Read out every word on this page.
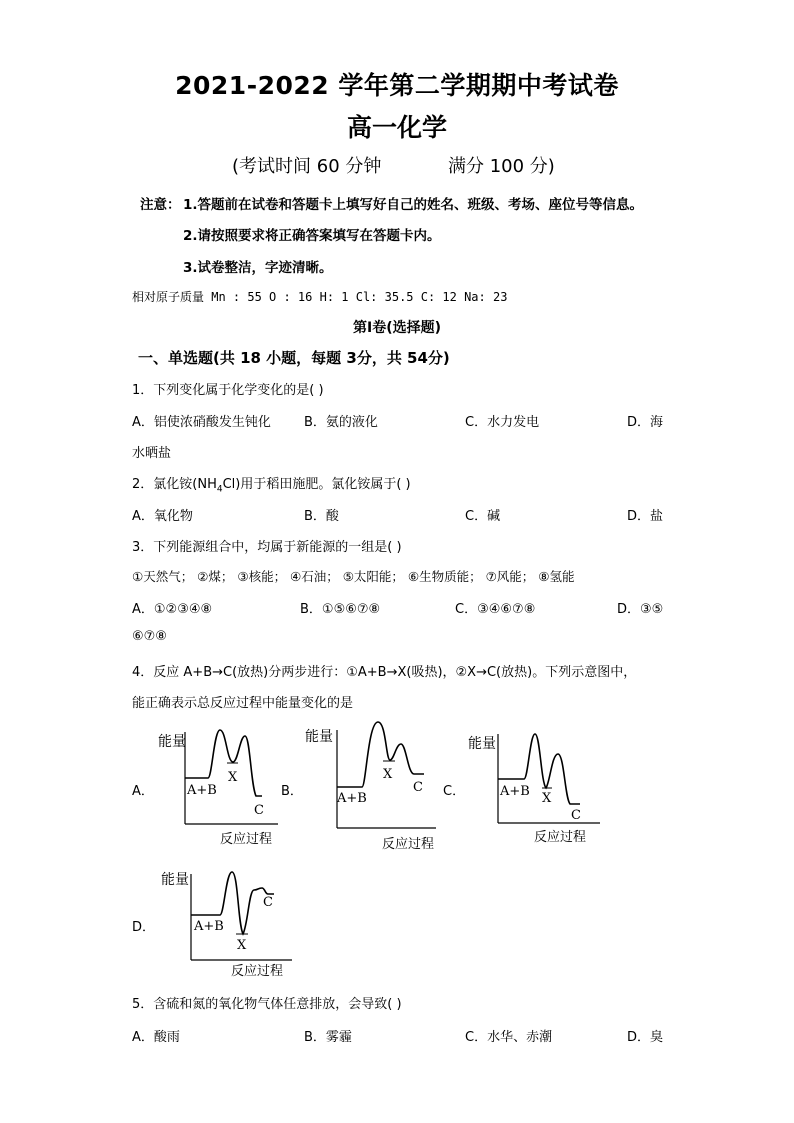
2021-2022 学年第二学期期中考试卷
高一化学
(考试时间 60 分钟	满分 100 分)
注意： 1.答题前在试卷和答题卡上填写好自己的姓名、班级、考场、座位号等信息。
2.请按照要求将正确答案填写在答题卡内。
3.试卷整洁，字迹清晰。
相对原子质量 Mn : 55 O : 16 H: 1 Cl: 35.5 C: 12 Na: 23
第Ⅰ卷(选择题)
一、单选题(共 18 小题，每题 3分，共 54分)
1．下列变化属于化学变化的是( )
A．铝使浓硝酸发生钝化	B．氨的液化	C．水力发电	D．海
水晒盐
2．氯化铵$(NH_4Cl)$用于稻田施肥。氯化铵属于( )
A．氧化物	B．酸	C．碱	D．盐
3．下列能源组合中，均属于新能源的一组是( )
①天然气； ②煤； ③核能； ④石油； ⑤太阳能； ⑥生物质能； ⑦风能； ⑧氢能
A．①②③④⑧	B．①⑤⑥⑦⑧	C．③④⑥⑦⑧	D．③⑤
⑥⑦⑧
4．反应 A+B→C(放热)分两步进行：①A+B→X(吸热)，②X→C(放热)。下列示意图中，
能正确表示总反应过程中能量变化的是
A．	B．	C．
D．
能量
A+B
X
C
反应过程
能量
A+B
X
C
反应过程
能量
A+B X
C
反应过程
能量
A+B
X
C
反应过程
5．含硫和氮的氧化物气体任意排放，会导致( )
A．酸雨	B．雾霾	C．水华、赤潮	D．臭
